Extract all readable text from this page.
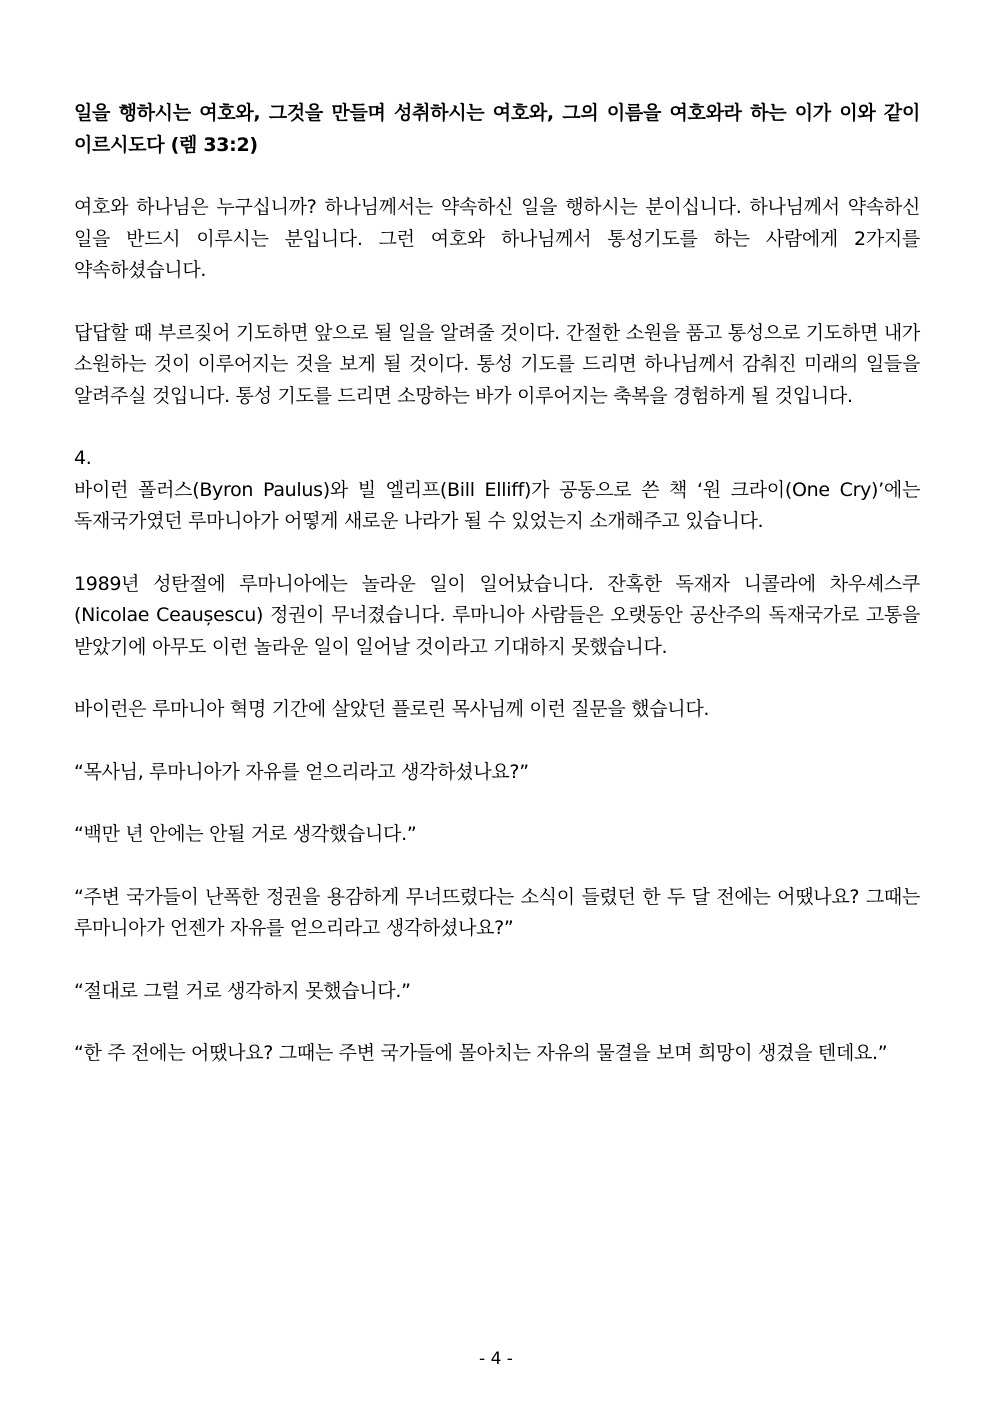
일을 행하시는 여호와, 그것을 만들며 성취하시는 여호와, 그의 이름을 여호와라 하는 이가 이와 같이 이르시도다 (렘 33:2)

여호와 하나님은 누구십니까? 하나님께서는 약속하신 일을 행하시는 분이십니다. 하나님께서 약속하신 일을 반드시 이루시는 분입니다. 그런 여호와 하나님께서 통성기도를 하는 사람에게 2가지를 약속하셨습니다.

답답할 때 부르짖어 기도하면 앞으로 될 일을 알려줄 것이다. 간절한 소원을 품고 통성으로 기도하면 내가 소원하는 것이 이루어지는 것을 보게 될 것이다. 통성 기도를 드리면 하나님께서 감춰진 미래의 일들을 알려주실 것입니다. 통성 기도를 드리면 소망하는 바가 이루어지는 축복을 경험하게 될 것입니다.

4.

바이런 폴러스(Byron Paulus)와 빌 엘리프(Bill Elliff)가 공동으로 쓴 책 ‘원 크라이(One Cry)’에는 독재국가였던 루마니아가 어떻게 새로운 나라가 될 수 있었는지 소개해주고 있습니다.

1989년 성탄절에 루마니아에는 놀라운 일이 일어났습니다. 잔혹한 독재자 니콜라에 차우셰스쿠(Nicolae Ceaușescu) 정권이 무너졌습니다. 루마니아 사람들은 오랫동안 공산주의 독재국가로 고통을 받았기에 아무도 이런 놀라운 일이 일어날 것이라고 기대하지 못했습니다.

바이런은 루마니아 혁명 기간에 살았던 플로린 목사님께 이런 질문을 했습니다.

“목사님, 루마니아가 자유를 얻으리라고 생각하셨나요?”

“백만 년 안에는 안될 거로 생각했습니다.”

“주변 국가들이 난폭한 정권을 용감하게 무너뜨렸다는 소식이 들렸던 한 두 달 전에는 어땠나요? 그때는 루마니아가 언젠가 자유를 얻으리라고 생각하셨나요?”

“절대로 그럴 거로 생각하지 못했습니다.”

“한 주 전에는 어땠나요? 그때는 주변 국가들에 몰아치는 자유의 물결을 보며 희망이 생겼을 텐데요.”

- 4 -
